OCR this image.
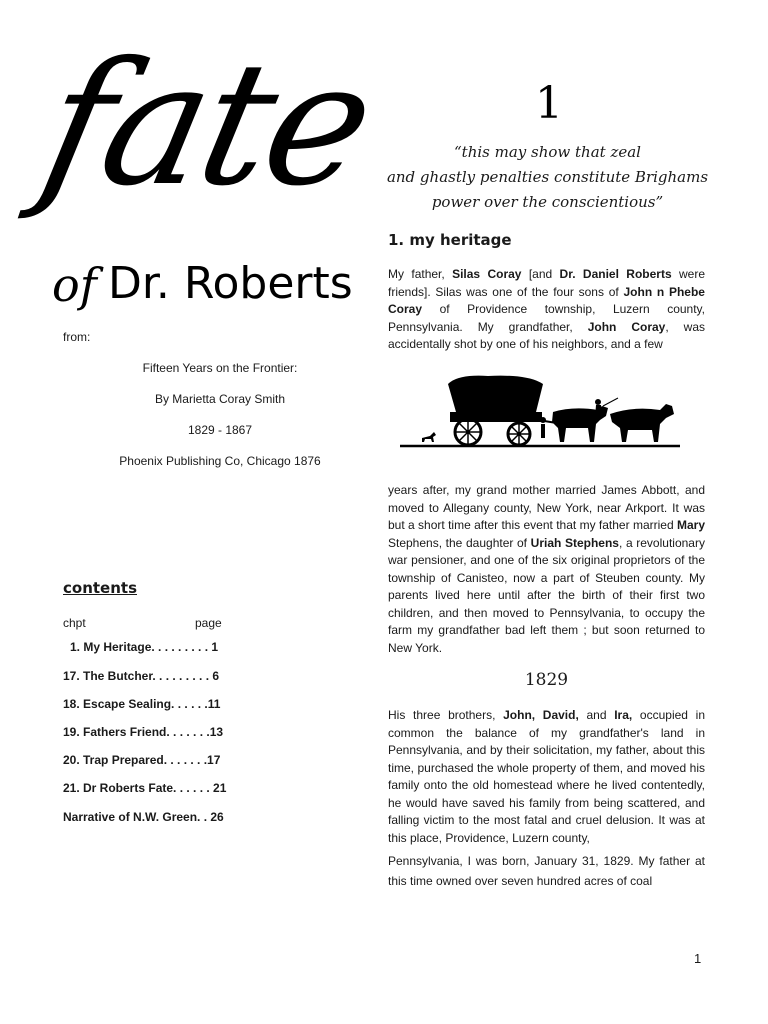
fate
of Dr. Roberts
from:
Fifteen Years on the Frontier:
By Marietta Coray Smith
1829 - 1867
Phoenix Publishing Co, Chicago 1876
contents
chpt	page
1. My Heritage. . . . . . . . . 1
17. The Butcher. . . . . . . . . 6
18. Escape Sealing. . . . . .11
19. Fathers Friend. . . . . . .13
20. Trap Prepared. . . . . . .17
21. Dr Roberts Fate. . . . . . 21
Narrative of N.W. Green. . 26
1
“this may show that zeal
and ghastly penalties constitute Brighams
power over the conscientious”
1. my heritage
My father, Silas Coray [and Dr. Daniel Roberts were friends]. Silas was one of the four sons of John n Phebe Coray of Providence township, Luzern county, Pennsylvania. My grandfather, John Coray, was accidentally shot by one of his neighbors, and a few
years after, my grand mother married James Abbott, and moved to Allegany county, New York, near Arkport. It was but a short time after this event that my father married Mary Stephens, the daughter of Uriah Stephens, a revolutionary war pensioner, and one of the six original proprietors of the township of Canisteo, now a part of Steuben county. My parents lived here until after the birth of their first two children, and then moved to Pennsylvania, to occupy the farm my grandfather bad left them ; but soon returned to New York.
1829
His three brothers, John, David, and Ira, occupied in common the balance of my grandfather's land in Pennsylvania, and by their solicitation, my father, about this time, purchased the whole property of them, and moved his family onto the old homestead where he lived contentedly, he would have saved his family from being scattered, and falling victim to the most fatal and cruel delusion. It was at this place, Providence, Luzern county,
Pennsylvania, I was born, January 31, 1829. My father at this time owned over seven hundred acres of coal
1
